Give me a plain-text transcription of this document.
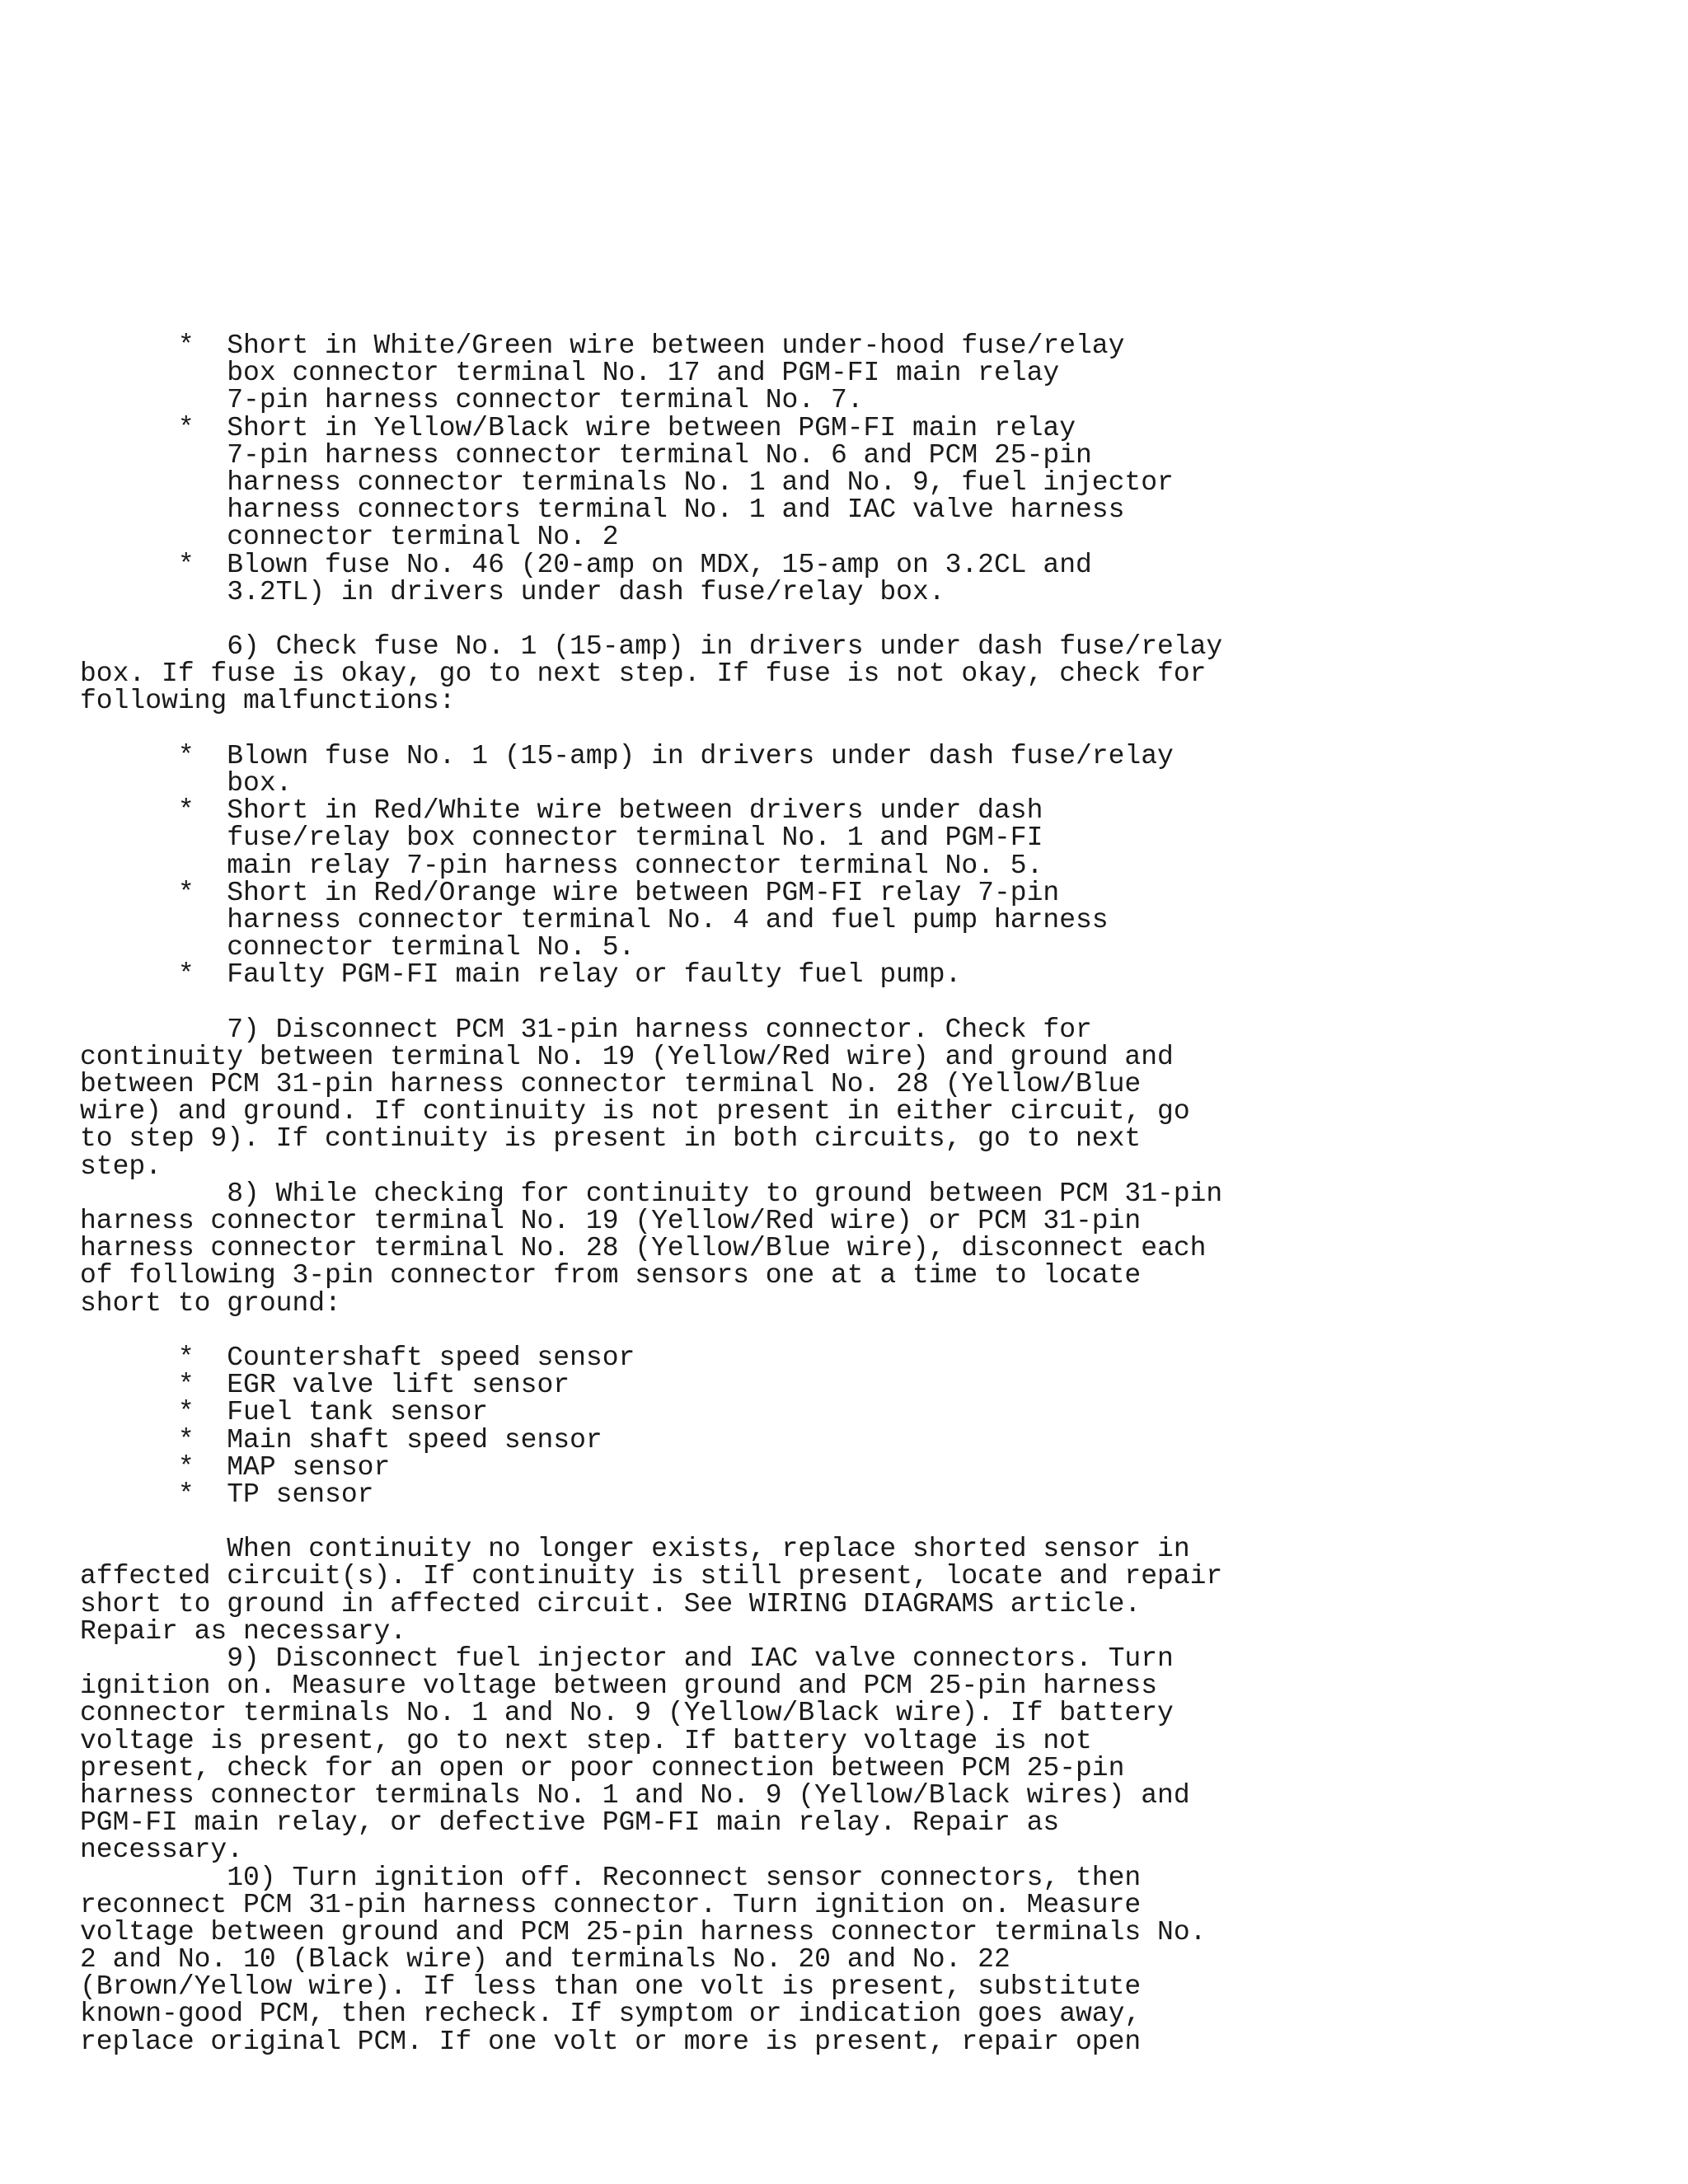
*  Short in White/Green wire between under-hood fuse/relay
box connector terminal No. 17 and PGM-FI main relay
7-pin harness connector terminal No. 7.
*  Short in Yellow/Black wire between PGM-FI main relay
7-pin harness connector terminal No. 6 and PCM 25-pin
harness connector terminals No. 1 and No. 9, fuel injector
harness connectors terminal No. 1 and IAC valve harness
connector terminal No. 2
*  Blown fuse No. 46 (20-amp on MDX, 15-amp on 3.2CL and
3.2TL) in drivers under dash fuse/relay box.

6) Check fuse No. 1 (15-amp) in drivers under dash fuse/relay
box. If fuse is okay, go to next step. If fuse is not okay, check for
following malfunctions:

*  Blown fuse No. 1 (15-amp) in drivers under dash fuse/relay
box.
*  Short in Red/White wire between drivers under dash
fuse/relay box connector terminal No. 1 and PGM-FI
main relay 7-pin harness connector terminal No. 5.
*  Short in Red/Orange wire between PGM-FI relay 7-pin
harness connector terminal No. 4 and fuel pump harness
connector terminal No. 5.
*  Faulty PGM-FI main relay or faulty fuel pump.

7) Disconnect PCM 31-pin harness connector. Check for
continuity between terminal No. 19 (Yellow/Red wire) and ground and
between PCM 31-pin harness connector terminal No. 28 (Yellow/Blue
wire) and ground. If continuity is not present in either circuit, go
to step 9). If continuity is present in both circuits, go to next
step.
8) While checking for continuity to ground between PCM 31-pin
harness connector terminal No. 19 (Yellow/Red wire) or PCM 31-pin
harness connector terminal No. 28 (Yellow/Blue wire), disconnect each
of following 3-pin connector from sensors one at a time to locate
short to ground:

*  Countershaft speed sensor
*  EGR valve lift sensor
*  Fuel tank sensor
*  Main shaft speed sensor
*  MAP sensor
*  TP sensor

When continuity no longer exists, replace shorted sensor in
affected circuit(s). If continuity is still present, locate and repair
short to ground in affected circuit. See WIRING DIAGRAMS article.
Repair as necessary.
9) Disconnect fuel injector and IAC valve connectors. Turn
ignition on. Measure voltage between ground and PCM 25-pin harness
connector terminals No. 1 and No. 9 (Yellow/Black wire). If battery
voltage is present, go to next step. If battery voltage is not
present, check for an open or poor connection between PCM 25-pin
harness connector terminals No. 1 and No. 9 (Yellow/Black wires) and
PGM-FI main relay, or defective PGM-FI main relay. Repair as
necessary.
10) Turn ignition off. Reconnect sensor connectors, then
reconnect PCM 31-pin harness connector. Turn ignition on. Measure
voltage between ground and PCM 25-pin harness connector terminals No.
2 and No. 10 (Black wire) and terminals No. 20 and No. 22
(Brown/Yellow wire). If less than one volt is present, substitute
known-good PCM, then recheck. If symptom or indication goes away,
replace original PCM. If one volt or more is present, repair open
